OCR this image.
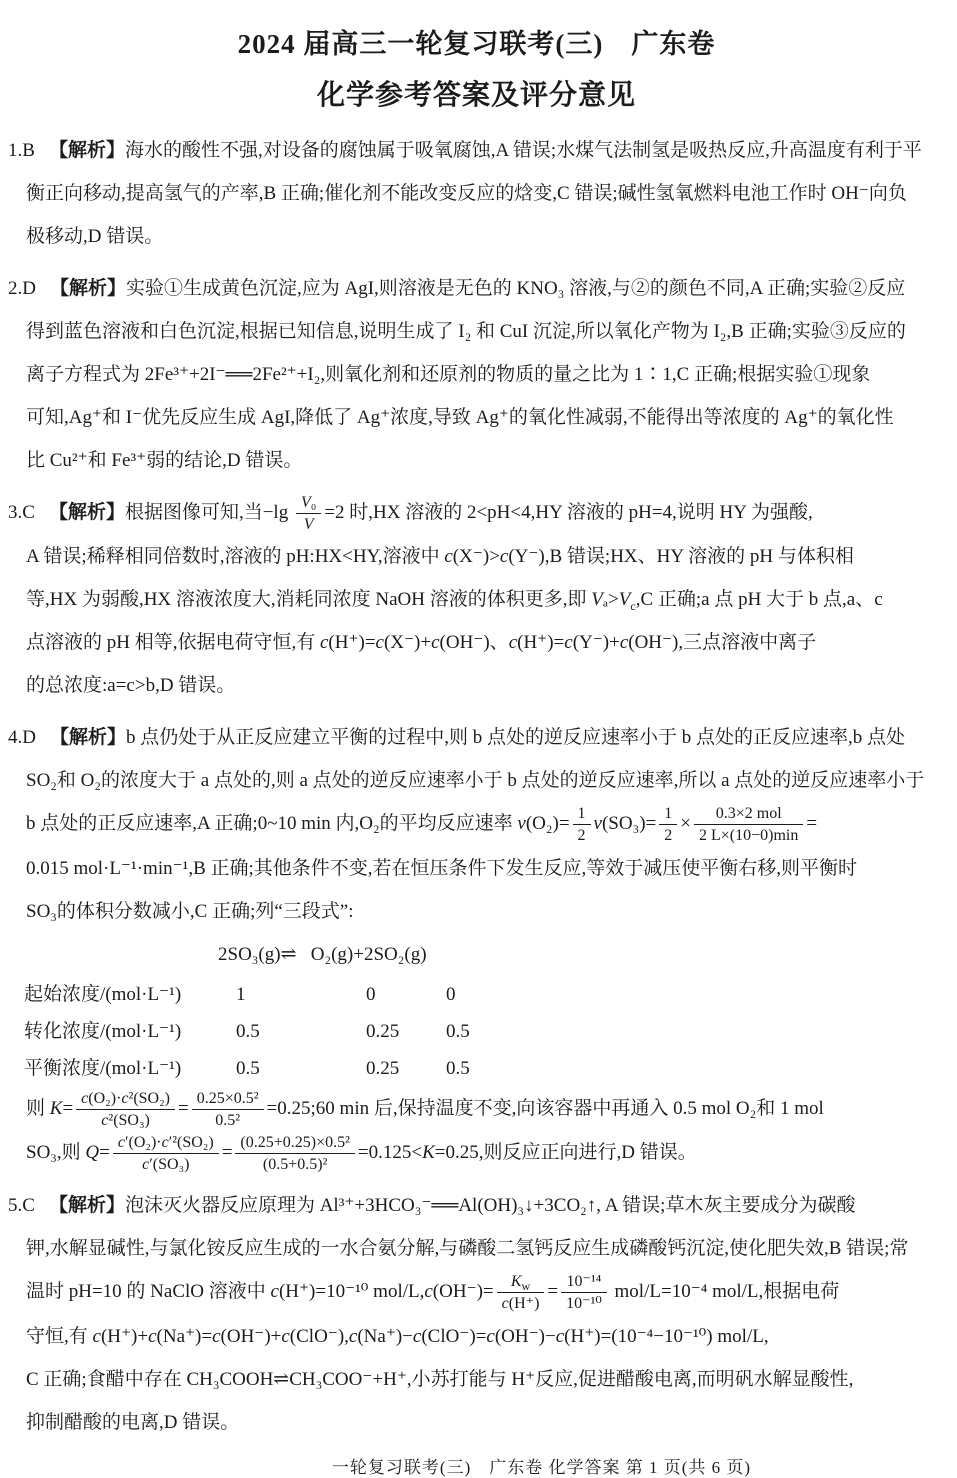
2024 届高三一轮复习联考(三)　广东卷
化学参考答案及评分意见
1.B 【解析】海水的酸性不强,对设备的腐蚀属于吸氧腐蚀,A 错误;水煤气法制氢是吸热反应,升高温度有利于平
衡正向移动,提高氢气的产率,B 正确;催化剂不能改变反应的焓变,C 错误;碱性氢氧燃料电池工作时 OH⁻向负
极移动,D 错误。
2.D 【解析】实验①生成黄色沉淀,应为 AgI,则溶液是无色的 KNO₃ 溶液,与②的颜色不同,A 正确;实验②反应
得到蓝色溶液和白色沉淀,根据已知信息,说明生成了 I₂ 和 CuI 沉淀,所以氧化产物为 I₂,B 正确;实验③反应的
离子方程式为 2Fe³⁺+2I⁻══2Fe²⁺+I₂,则氧化剂和还原剂的物质的量之比为 1∶1,C 正确;根据实验①现象
可知,Ag⁺和 I⁻优先反应生成 AgI,降低了 Ag⁺浓度,导致 Ag⁺的氧化性减弱,不能得出等浓度的 Ag⁺的氧化性
比 Cu²⁺和 Fe³⁺弱的结论,D 错误。
3.C 【解析】根据图像可知,当$-\lg \frac{\text{V₀}}{V} =2$ 时,HX 溶液的 2<pH<4,HY 溶液的 pH=4,说明 HY 为强酸,
A 错误;稀释相同倍数时,溶液的 pH:HX<HY,溶液中 c(X⁻)>c(Y⁻),B 错误;HX、HY 溶液的 pH 与体积相
等,HX 为弱酸,HX 溶液浓度大,消耗同浓度 NaOH 溶液的体积更多,即 $V_a>V_c,C$ 正确;a 点 pH 大于 b 点,a、c
点溶液的 pH 相等,依据电荷守恒,有 c(H⁺)=c(X⁻)+c(OH⁻)、c(H⁺)=c(Y⁻)+c(OH⁻),三点溶液中离子
的总浓度:a=c>b,D 错误。
4.D 【解析】b 点仍处于从正反应建立平衡的过程中,则 b 点处的逆反应速率小于 b 点处的正反应速率,b 点处
SO₂和 O₂的浓度大于 a 点处的,则 a 点处的逆反应速率小于 b 点处的逆反应速率,所以 a 点处的逆反应速率小于
b 点处的正反应速率,A 正确;0~10 min 内,O₂的平均反应速率 $v(O_2)= \frac{1}{2} v(SO_3)= \frac{1}{2} \times \frac{\text{0.3×2 mol}}{2 L\times(10-0)\min}$ =
0.015 mol·L⁻¹·min⁻¹,B 正确;其他条件不变,若在恒压条件下发生反应,等效于减压使平衡右移,则平衡时
SO₃的体积分数减小,C 正确;列“三段式”:
2SO₃(g)⇌   O₂(g)+2SO₂(g)
起始浓度/(mol·L⁻¹)	1	0	0
转化浓度/(mol·L⁻¹)	0.5	0.25	0.5
平衡浓度/(mol·L⁻¹)	0.5	0.25	0.5
则 $K= \frac{\text{c(O₂)·c²(SO₂)}}{\text{c²(SO₃)}} = \frac{\text{0.25×0.5²}}{\text{0.5²}}$ =0.25;60 min 后,保持温度不变,向该容器中再通入 0.5 mol O₂和 1 mol
SO₃,则 $Q= \frac{\text{c′(O₂)·c′²(SO₂)}}{\text{c′(SO₃)}} = \frac{\text{(0.25+0.25)×0.5²}}{\text{(0.5+0.5)²}} =0.125<K=0.25$,则反应正向进行,D 错误。
5.C 【解析】泡沫灭火器反应原理为 Al³⁺+3HCO₃⁻══Al(OH)₃↓+3CO₂↑, A 错误;草木灰主要成分为碳酸
钾,水解显碱性,与氯化铵反应生成的一水合氨分解,与磷酸二氢钙反应生成磷酸钙沉淀,使化肥失效,B 错误;常
温时 pH=10 的 NaClO 溶液中 c(H⁺)=10⁻¹⁰ $mol/L,c(OH^-)= \frac{K_w}{c(H^+)} = \frac{\text{10⁻¹⁴}}{\text{10⁻¹⁰}} mol/L=10^{-4}$ mol/L,根据电荷
守恒,有 c(H⁺)+c(Na⁺)=c(OH⁻)+c(ClO⁻),c(Na⁺)−c(ClO⁻)=c(OH⁻)−c(H⁺)=(10⁻⁴−10⁻¹⁰) mol/L,
C 正确;食醋中存在 CH₃COOH⇌CH₃COO⁻+H⁺,小苏打能与 H⁺反应,促进醋酸电离,而明矾水解显酸性,
抑制醋酸的电离,D 错误。
一轮复习联考(三)　广东卷 化学答案 第 1 页(共 6 页)
